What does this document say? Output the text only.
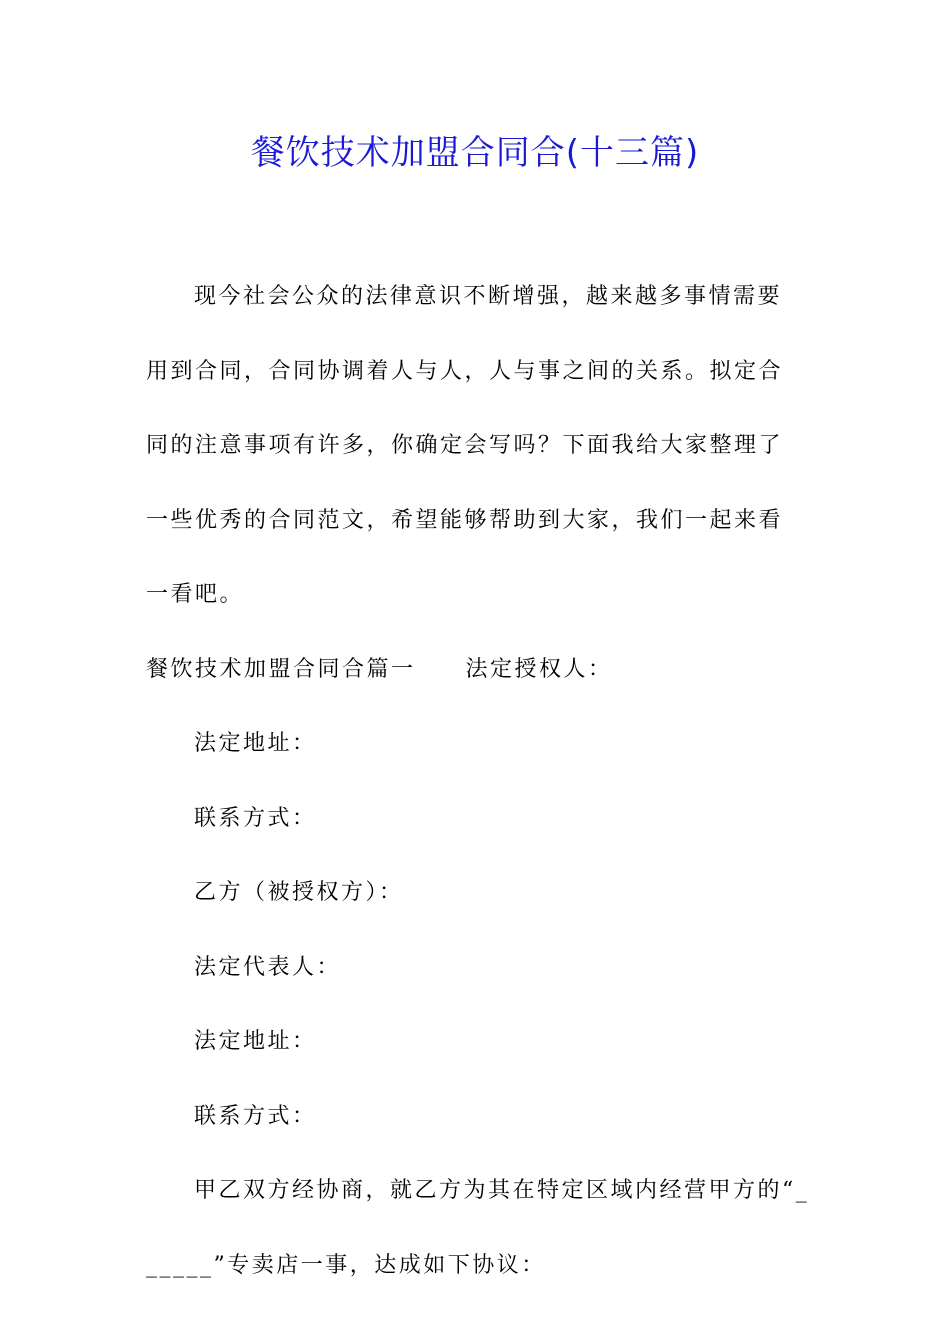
餐饮技术加盟合同合(十三篇)

现今社会公众的法律意识不断增强，越来越多事情需要用到合同，合同协调着人与人，人与事之间的关系。拟定合同的注意事项有许多，你确定会写吗？下面我给大家整理了一些优秀的合同范文，希望能够帮助到大家，我们一起来看一看吧。

餐饮技术加盟合同合篇一 法定授权人：
法定地址：
联系方式：
乙方（被授权方）：
法定代表人：
法定地址：
联系方式：
甲乙双方经协商，就乙方为其在特定区域内经营甲方的“_
_____”专卖店一事，达成如下协议：
